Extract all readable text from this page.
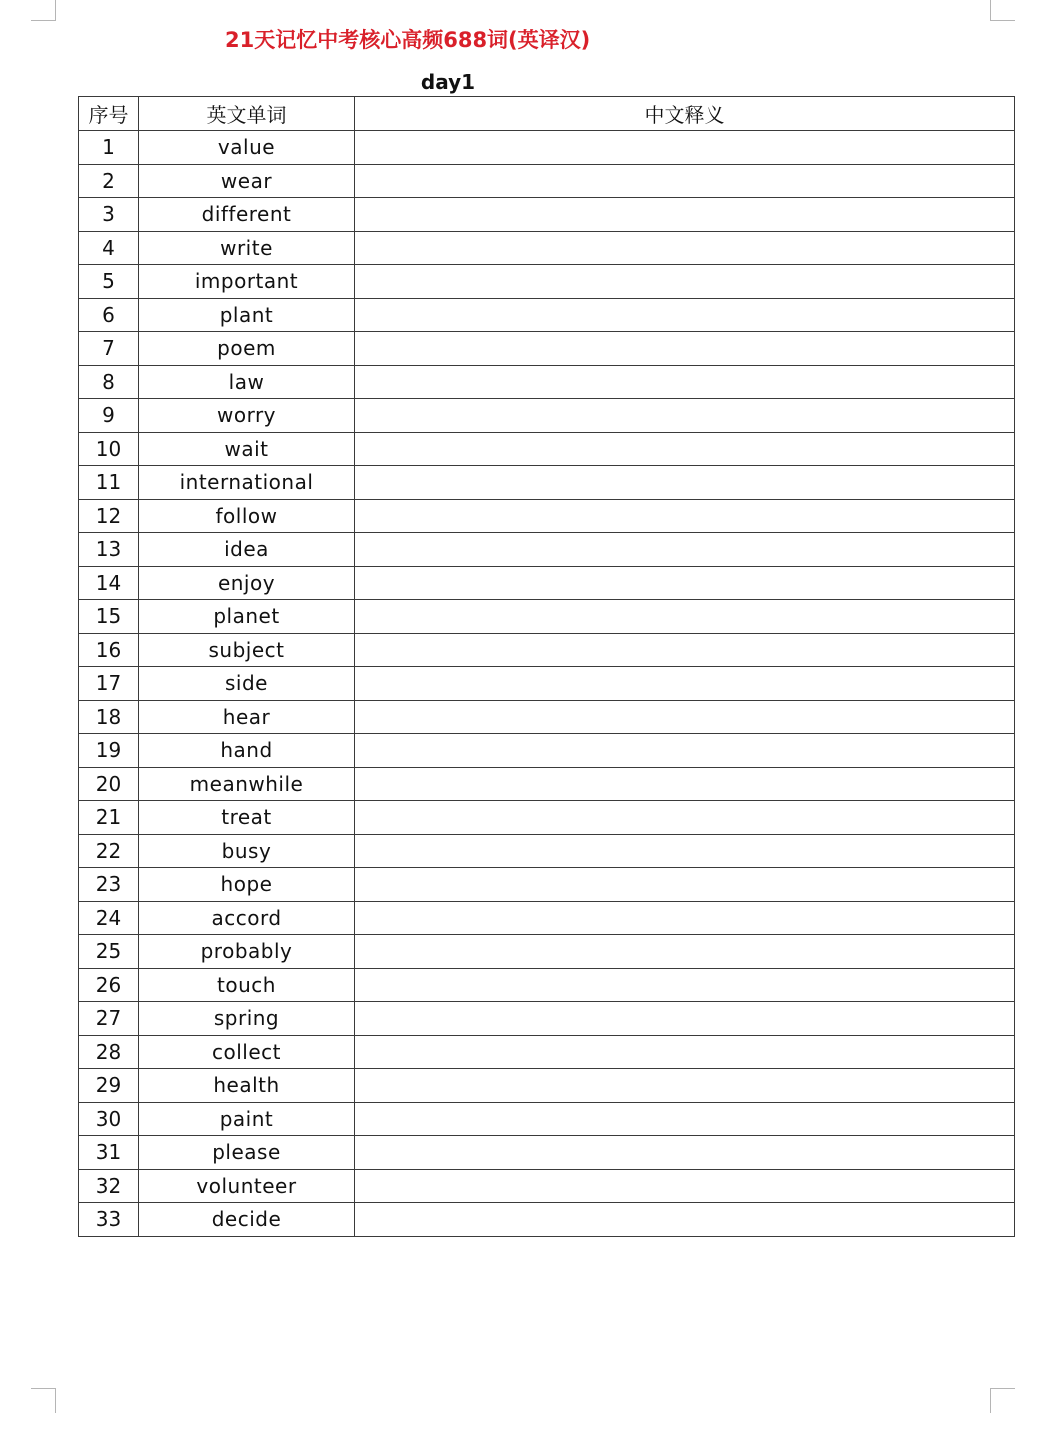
21天记忆中考核心高频688词(英译汉)
day1
序号	英文单词	中文释义
1	value	
2	wear	
3	different	
4	write	
5	important	
6	plant	
7	poem	
8	law	
9	worry	
10	wait	
11	international	
12	follow	
13	idea	
14	enjoy	
15	planet	
16	subject	
17	side	
18	hear	
19	hand	
20	meanwhile	
21	treat	
22	busy	
23	hope	
24	accord	
25	probably	
26	touch	
27	spring	
28	collect	
29	health	
30	paint	
31	please	
32	volunteer	
33	decide	
